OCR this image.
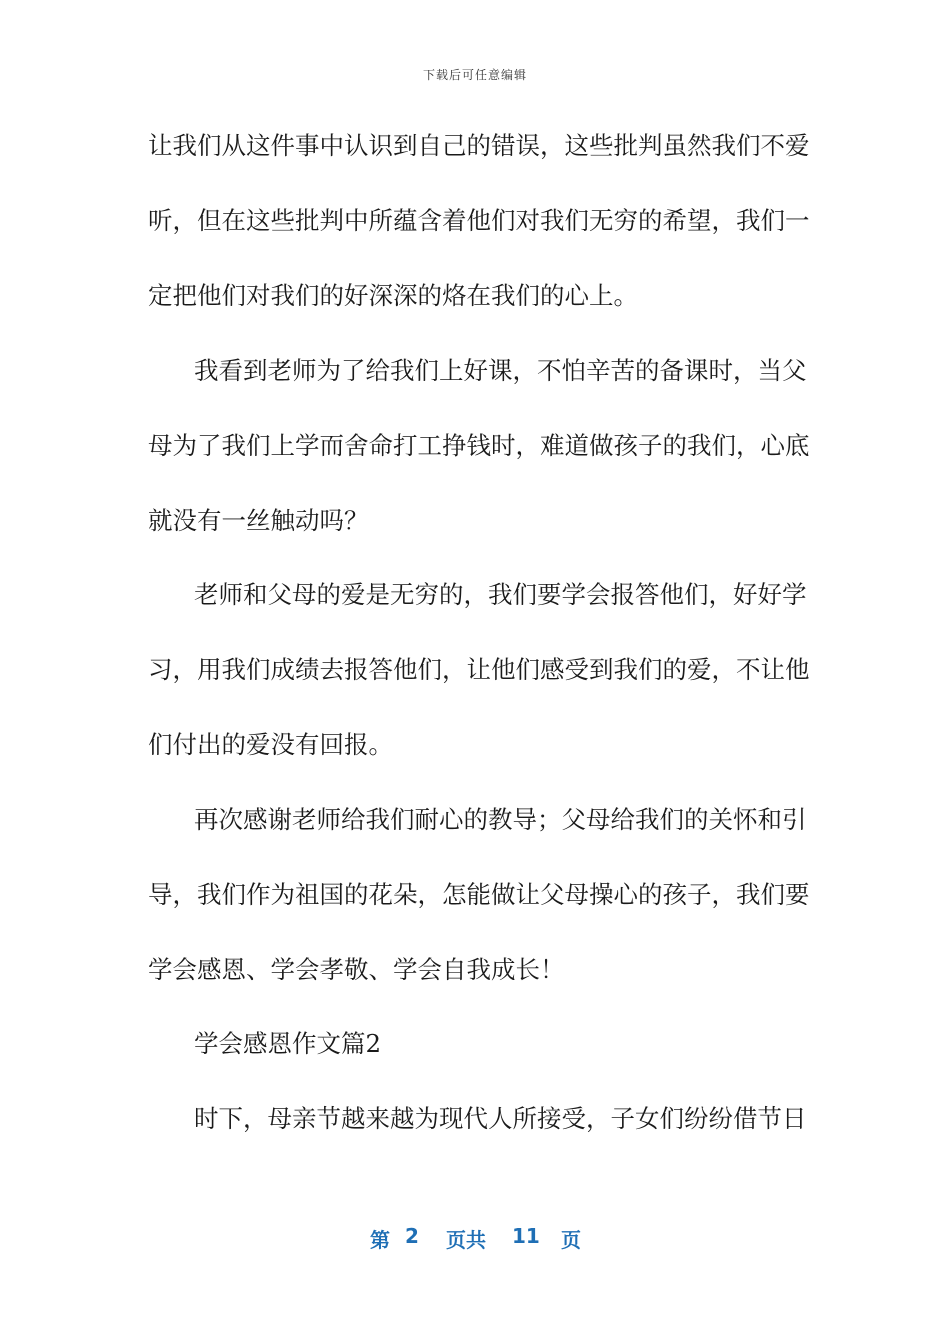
下载后可任意编辑
让我们从这件事中认识到自己的错误，这些批判虽然我们不爱
听，但在这些批判中所蕴含着他们对我们无穷的希望，我们一
定把他们对我们的好深深的烙在我们的心上。
我看到老师为了给我们上好课，不怕辛苦的备课时，当父
母为了我们上学而舍命打工挣钱时，难道做孩子的我们，心底
就没有一丝触动吗？
老师和父母的爱是无穷的，我们要学会报答他们，好好学
习，用我们成绩去报答他们，让他们感受到我们的爱，不让他
们付出的爱没有回报。
再次感谢老师给我们耐心的教导；父母给我们的关怀和引
导，我们作为祖国的花朵，怎能做让父母操心的孩子，我们要
学会感恩、学会孝敬、学会自我成长！
学会感恩作文篇2
时下，母亲节越来越为现代人所接受，子女们纷纷借节日
第 2 页共 11 页
